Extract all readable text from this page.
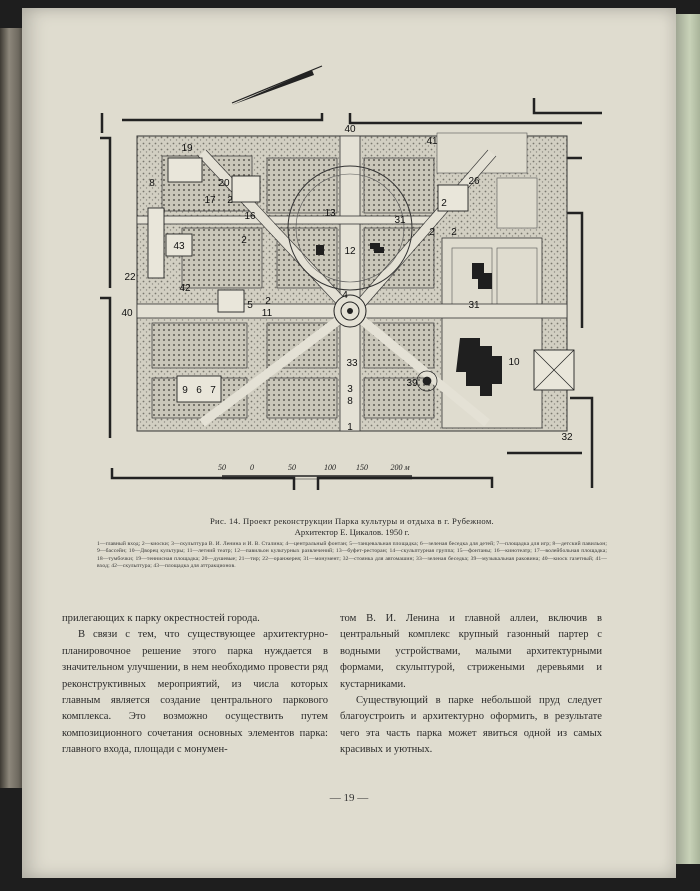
40
41
19
26
8	20
17 2
43
16	13
31
12
2
22
42
4
5
11
10
31
40
9 6 7
33
39
3
8
1
32
2
2
2
2
50	0	50	100	150	200 м
Рис. 14. Проект реконструкции Парка культуры и отдыха в г. Рубежном.
Архитектор Е. Цикалов. 1950 г.
1—главный вход; 2—киоски; 3—скульптура В. И. Ленина и И. В. Сталина; 4—центральный фонтан; 5—танцевальная площадка; 6—зеленая беседка для детей; 7—площадка для игр; 8—детский павильон; 9—бассейн; 10—Дворец культуры; 11—летний театр; 12—павильон культурных развлечений; 13—буфет-ресторан; 14—скульптурная группа; 15—фонтаны; 16—кинотеатр; 17—волейбольная площадка; 18—тумбочки; 19—теннисная площадка; 20—душевые; 21—тир; 22—оранжерея; 31—монумент; 32—стоянка для автомашин; 33—зеленая беседка; 39—музыкальная раковина; 40—киоск газетный; 41—вход; 42—скульптура; 43—площадка для аттракционов.

прилегающих к парку окрестностей города.

В связи с тем, что существующее архитектурно-планировочное решение этого парка нуждается в значительном улучшении, в нем необходимо провести ряд реконструктивных мероприятий, из числа которых главным является создание центрального паркового комплекса. Это возможно осуществить путем композиционного сочетания основных элементов парка: главного входа, площади с монумен-

том В. И. Ленина и главной аллеи, включив в центральный комплекс крупный газонный партер с водными устройствами, малыми архитектурными формами, скульптурой, стрижеными деревьями и кустарниками.

Существующий в парке небольшой пруд следует благоустроить и архитектурно оформить, в результате чего эта часть парка может явиться одной из самых красивых и уютных.

— 19 —
